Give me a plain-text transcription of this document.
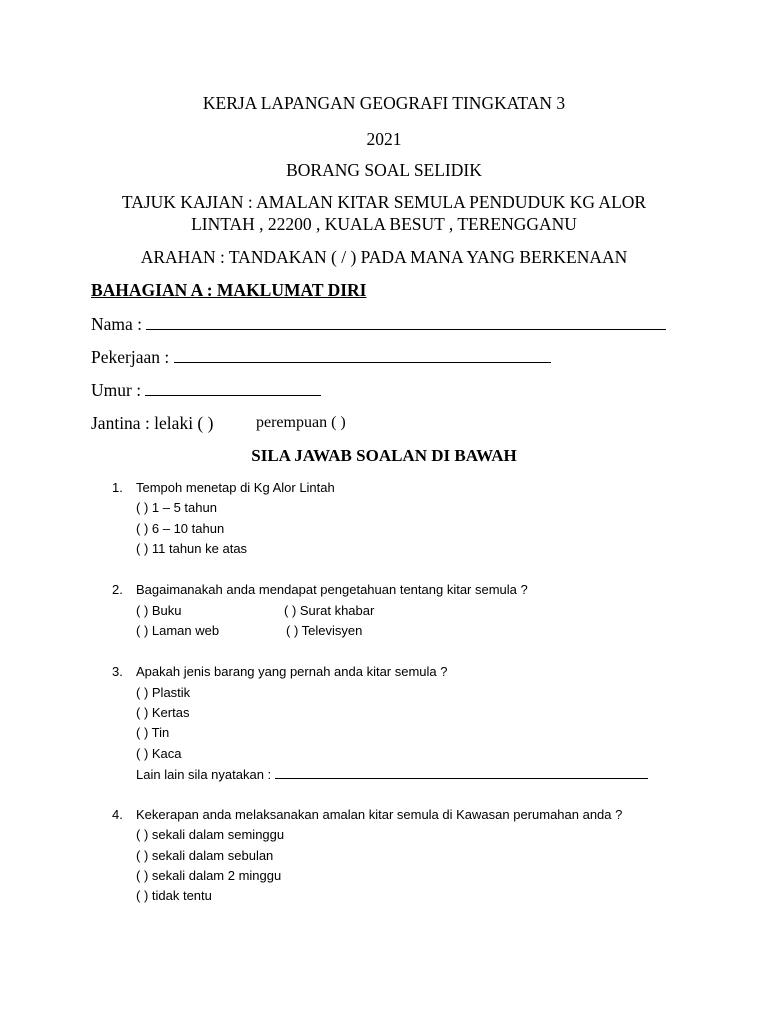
KERJA LAPANGAN GEOGRAFI TINGKATAN 3
2021
BORANG SOAL SELIDIK
TAJUK KAJIAN : AMALAN KITAR SEMULA PENDUDUK KG ALOR
LINTAH , 22200 , KUALA BESUT , TERENGGANU
ARAHAN : TANDAKAN ( / ) PADA MANA YANG BERKENAAN
BAHAGIAN A : MAKLUMAT DIRI
Nama :
Pekerjaan :
Umur :
Jantina : lelaki ( )	perempuan ( )
SILA JAWAB SOALAN DI BAWAH
1. Tempoh menetap di Kg Alor Lintah
( ) 1 – 5 tahun
( ) 6 – 10 tahun
( ) 11 tahun ke atas
2. Bagaimanakah anda mendapat pengetahuan tentang kitar semula ?
( ) Buku	( ) Surat khabar
( ) Laman web	( ) Televisyen
3. Apakah jenis barang yang pernah anda kitar semula ?
( ) Plastik
( ) Kertas
( ) Tin
( ) Kaca
Lain lain sila nyatakan :
4. Kekerapan anda melaksanakan amalan kitar semula di Kawasan perumahan anda ?
( ) sekali dalam seminggu
( ) sekali dalam sebulan
( ) sekali dalam 2 minggu
( ) tidak tentu
